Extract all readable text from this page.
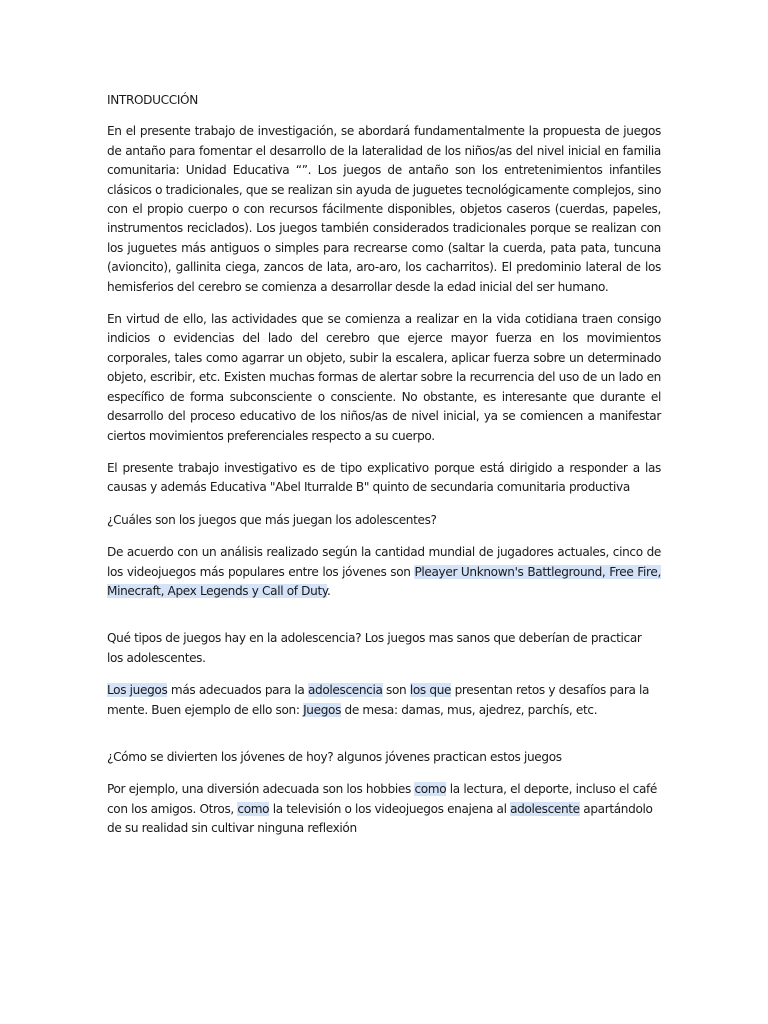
INTRODUCCIÓN

En el presente trabajo de investigación, se abordará fundamentalmente la propuesta de juegos de antaño para fomentar el desarrollo de la lateralidad de los niños/as del nivel inicial en familia comunitaria: Unidad Educativa “”. Los juegos de antaño son los entretenimientos infantiles clásicos o tradicionales, que se realizan sin ayuda de juguetes tecnológicamente complejos, sino con el propio cuerpo o con recursos fácilmente disponibles, objetos caseros (cuerdas, papeles, instrumentos reciclados). Los juegos también considerados tradicionales porque se realizan con los juguetes más antiguos o simples para recrearse como (saltar la cuerda, pata pata, tuncuna (avioncito), gallinita ciega, zancos de lata, aro-aro, los cacharritos). El predominio lateral de los hemisferios del cerebro se comienza a desarrollar desde la edad inicial del ser humano.

En virtud de ello, las actividades que se comienza a realizar en la vida cotidiana traen consigo indicios o evidencias del lado del cerebro que ejerce mayor fuerza en los movimientos corporales, tales como agarrar un objeto, subir la escalera, aplicar fuerza sobre un determinado objeto, escribir, etc. Existen muchas formas de alertar sobre la recurrencia del uso de un lado en específico de forma subconsciente o consciente. No obstante, es interesante que durante el desarrollo del proceso educativo de los niños/as de nivel inicial, ya se comiencen a manifestar ciertos movimientos preferenciales respecto a su cuerpo.

El presente trabajo investigativo es de tipo explicativo porque está dirigido a responder a las causas y además Educativa "Abel Iturralde B" quinto de secundaria comunitaria productiva

¿Cuáles son los juegos que más juegan los adolescentes?

De acuerdo con un análisis realizado según la cantidad mundial de jugadores actuales, cinco de los videojuegos más populares entre los jóvenes son Pleayer Unknown's Battleground, Free Fire, Minecraft, Apex Legends y Call of Duty.

Qué tipos de juegos hay en la adolescencia? Los juegos mas sanos que deberían de practicar los adolescentes.

Los juegos más adecuados para la adolescencia son los que presentan retos y desafíos para la mente. Buen ejemplo de ello son: Juegos de mesa: damas, mus, ajedrez, parchís, etc.

¿Cómo se divierten los jóvenes de hoy? algunos jóvenes practican estos juegos

Por ejemplo, una diversión adecuada son los hobbies como la lectura, el deporte, incluso el café con los amigos. Otros, como la televisión o los videojuegos enajena al adolescente apartándolo de su realidad sin cultivar ninguna reflexión
